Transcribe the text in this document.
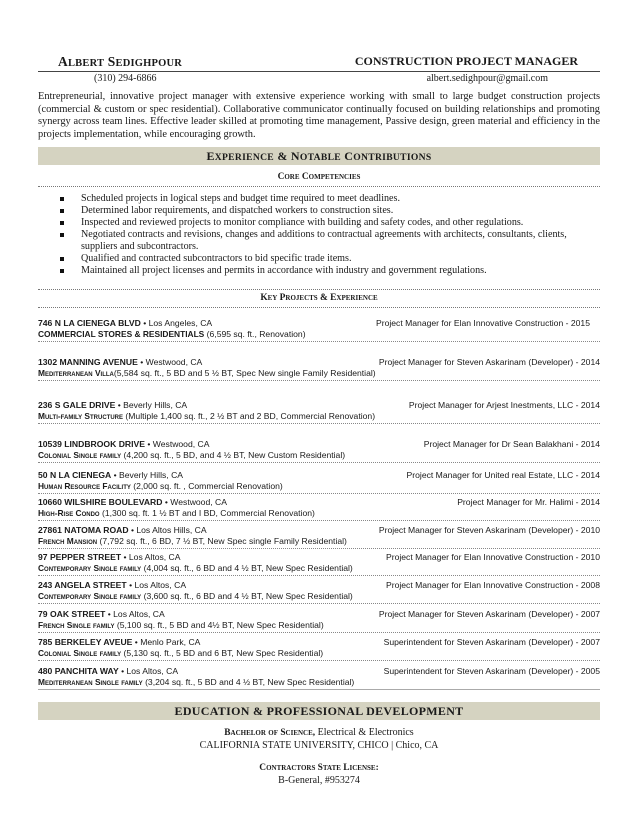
ALBERT SEDIGHPOUR	CONSTRUCTION PROJECT MANAGER
(310) 294-6866	albert.sedighpour@gmail.com
Entrepreneurial, innovative project manager with extensive experience working with small to large budget construction projects (commercial & custom or spec residential). Collaborative communicator continually focused on building relationships and promoting synergy across team lines. Effective leader skilled at promoting time management, Passive design, green material and efficiency in the projects implementation, while encouraging growth.
EXPERIENCE & NOTABLE CONTRIBUTIONS
Core Competencies
Scheduled projects in logical steps and budget time required to meet deadlines.
Determined labor requirements, and dispatched workers to construction sites.
Inspected and reviewed projects to monitor compliance with building and safety codes, and other regulations.
Negotiated contracts and revisions, changes and additions to contractual agreements with architects, consultants, clients, suppliers and subcontractors.
Qualified and contracted subcontractors to bid specific trade items.
Maintained all project licenses and permits in accordance with industry and government regulations.
Key Projects & Experience
746 N LA CIENEGA BLVD • Los Angeles, CA	Project Manager for Elan Innovative Construction - 2015
COMMERCIAL STORES & RESIDENTIALS (6,595 sq. ft., Renovation)
1302 MANNING AVENUE • Westwood, CA	Project Manager for Steven Askarinam (Developer) - 2014
Mediterranean Villa(5,584 sq. ft., 5 BD and 5 ½ BT, Spec New single Family Residential)
236 S GALE DRIVE • Beverly Hills, CA	Project Manager for Arjest Inestments, LLC - 2014
Multi-family Structure (Multiple 1,400 sq. ft., 2 ½ BT and 2 BD, Commercial Renovation)
10539 LINDBROOK DRIVE • Westwood, CA	Project Manager for Dr Sean Balakhani - 2014
Colonial Single family (4,200 sq. ft., 5 BD, and 4 ½ BT, New Custom Residential)
50 N LA CIENEGA • Beverly Hills, CA	Project Manager for United real Estate, LLC - 2014
Human Resource Facility (2,000 sq. ft. , Commercial Renovation)
10660 WILSHIRE BOULEVARD • Westwood, CA	Project Manager for Mr. Halimi - 2014
High-Rise Condo (1,300 sq. ft. 1 ½ BT and I BD, Commercial Renovation)
27861 NATOMA ROAD • Los Altos Hills, CA	Project Manager for Steven Askarinam (Developer) - 2010
French Mansion (7,792 sq. ft., 6 BD, 7 ½ BT, New Spec single Family Residential)
97 PEPPER STREET • Los Altos, CA	Project Manager for Elan Innovative Construction - 2010
Contemporary Single family (4,004 sq. ft., 6 BD and 4 ½ BT, New Spec Residential)
243 ANGELA STREET • Los Altos, CA	Project Manager for Elan Innovative Construction - 2008
Contemporary Single family (3,600 sq. ft., 6 BD and 4 ½ BT, New Spec Residential)
79 OAK STREET • Los Altos, CA	Project Manager for Steven Askarinam (Developer) - 2007
French Single family (5,100 sq. ft., 5 BD and 4½ BT, New Spec Residential)
785 BERKELEY AVEUE • Menlo Park, CA	Superintendent for Steven Askarinam (Developer) - 2007
Colonial Single family (5,130 sq. ft., 5 BD and 6 BT, New Spec Residential)
480 PANCHITA WAY • Los Altos, CA	Superintendent for Steven Askarinam (Developer) - 2005
Mediterranean Single family (3,204 sq. ft., 5 BD and 4 ½ BT, New Spec Residential)
EDUCATION & PROFESSIONAL DEVELOPMENT
Bachelor of Science, Electrical & Electronics
CALIFORNIA STATE UNIVERSITY, CHICO | Chico, CA
Contractors State License:
B-General, #953274
